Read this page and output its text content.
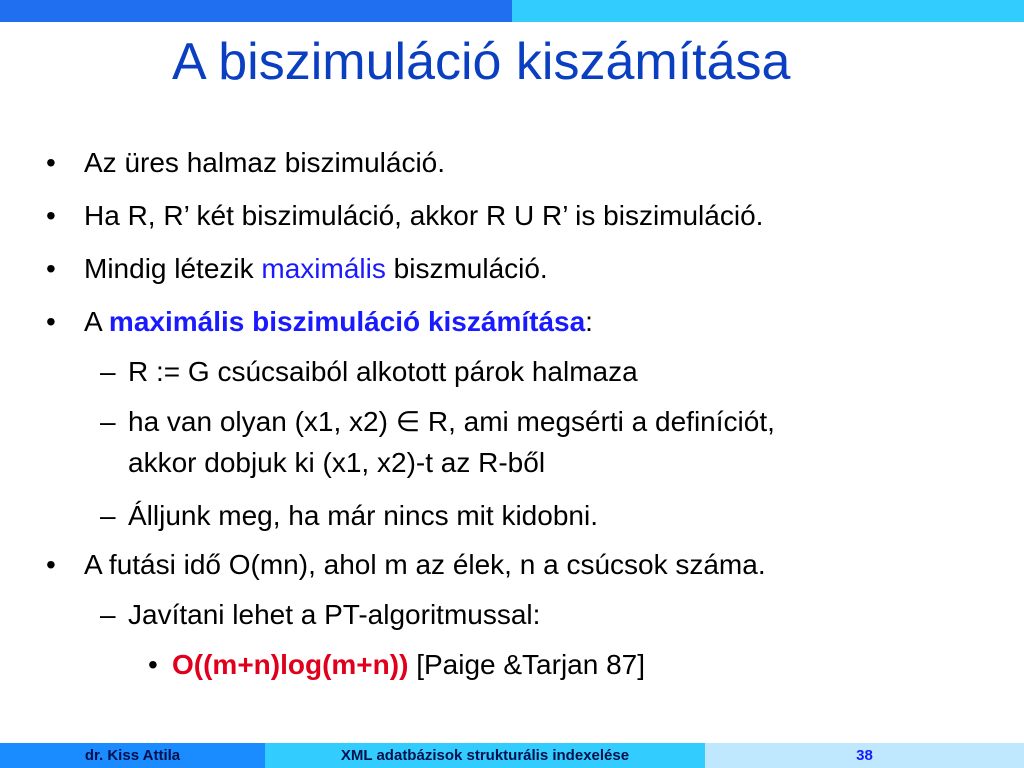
A biszimuláció kiszámítása
• Az üres halmaz biszimuláció.
• Ha R, R’ két biszimuláció, akkor R U R’ is biszimuláció.
• Mindig létezik maximális biszmuláció.
• A maximális biszimuláció kiszámítása:
– R := G csúcsaiból alkotott párok halmaza
– ha van olyan (x1, x2) ∈ R, ami megsérti a definíciót,
akkor dobjuk ki (x1, x2)-t az R-ből
– Álljunk meg, ha már nincs mit kidobni.
• A futási idő O(mn), ahol m az élek, n a csúcsok száma.
– Javítani lehet a PT-algoritmussal:
• O((m+n)log(m+n)) [Paige &Tarjan 87]
dr. Kiss Attila	XML adatbázisok strukturális indexelése	38
